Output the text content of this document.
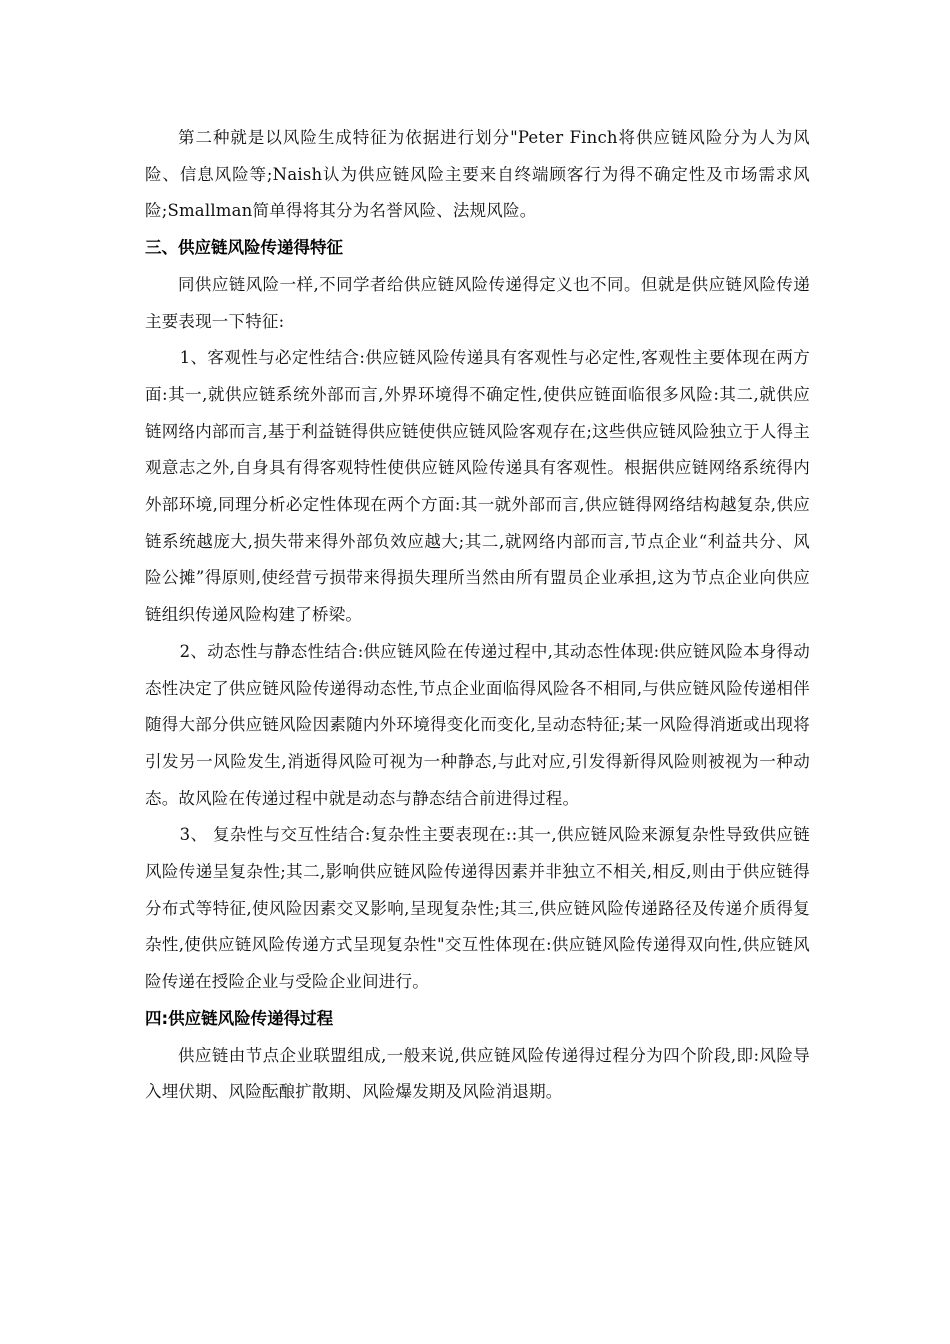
第二种就是以风险生成特征为依据进行划分"Peter Finch将供应链风险分为人为风险、信息风险等;Naish认为供应链风险主要来自终端顾客行为得不确定性及市场需求风险;Smallman简单得将其分为名誉风险、法规风险。

三、供应链风险传递得特征

同供应链风险一样,不同学者给供应链风险传递得定义也不同。但就是供应链风险传递主要表现一下特征:

1、客观性与必定性结合:供应链风险传递具有客观性与必定性,客观性主要体现在两方面:其一,就供应链系统外部而言,外界环境得不确定性,使供应链面临很多风险:其二,就供应链网络内部而言,基于利益链得供应链使供应链风险客观存在;这些供应链风险独立于人得主观意志之外,自身具有得客观特性使供应链风险传递具有客观性。根据供应链网络系统得内外部环境,同理分析必定性体现在两个方面:其一就外部而言,供应链得网络结构越复杂,供应链系统越庞大,损失带来得外部负效应越大;其二,就网络内部而言,节点企业“利益共分、风险公摊”得原则,使经营亏损带来得损失理所当然由所有盟员企业承担,这为节点企业向供应链组织传递风险构建了桥梁。

2、动态性与静态性结合:供应链风险在传递过程中,其动态性体现:供应链风险本身得动态性决定了供应链风险传递得动态性,节点企业面临得风险各不相同,与供应链风险传递相伴随得大部分供应链风险因素随内外环境得变化而变化,呈动态特征;某一风险得消逝或出现将引发另一风险发生,消逝得风险可视为一种静态,与此对应,引发得新得风险则被视为一种动态。故风险在传递过程中就是动态与静态结合前进得过程。

3、 复杂性与交互性结合:复杂性主要表现在::其一,供应链风险来源复杂性导致供应链风险传递呈复杂性;其二,影响供应链风险传递得因素并非独立不相关,相反,则由于供应链得分布式等特征,使风险因素交叉影响,呈现复杂性;其三,供应链风险传递路径及传递介质得复杂性,使供应链风险传递方式呈现复杂性"交互性体现在:供应链风险传递得双向性,供应链风险传递在授险企业与受险企业间进行。

四:供应链风险传递得过程

供应链由节点企业联盟组成,一般来说,供应链风险传递得过程分为四个阶段,即:风险导入埋伏期、风险酝酿扩散期、风险爆发期及风险消退期。
